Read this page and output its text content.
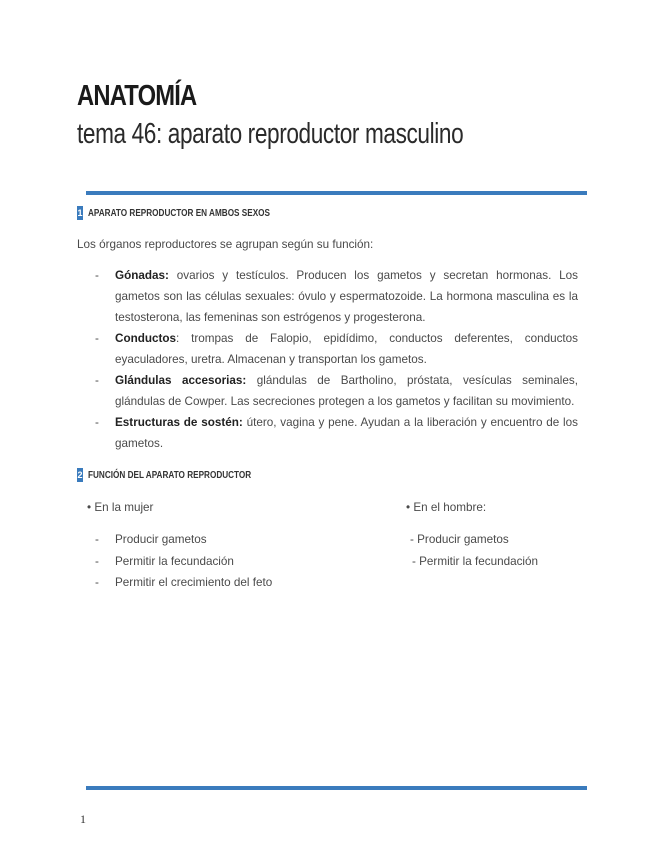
ANATOMÍA
tema 46: aparato reproductor masculino
1 APARATO REPRODUCTOR EN AMBOS SEXOS
Los órganos reproductores se agrupan según su función:
- Gónadas: ovarios y testículos. Producen los gametos y secretan hormonas. Los gametos son las células sexuales: óvulo y espermatozoide. La hormona masculina es la testosterona, las femeninas son estrógenos y progesterona.
- Conductos: trompas de Falopio, epidídimo, conductos deferentes, conductos eyaculadores, uretra. Almacenan y transportan los gametos.
- Glándulas accesorias: glándulas de Bartholino, próstata, vesículas seminales, glándulas de Cowper. Las secreciones protegen a los gametos y facilitan su movimiento.
- Estructuras de sostén: útero, vagina y pene. Ayudan a la liberación y encuentro de los gametos.
2 FUNCIÓN DEL APARATO REPRODUCTOR
• En la mujer	• En el hombre:
- Producir gametos
- Permitir la fecundación
- Permitir el crecimiento del feto
- Producir gametos
- Permitir la fecundación
1
